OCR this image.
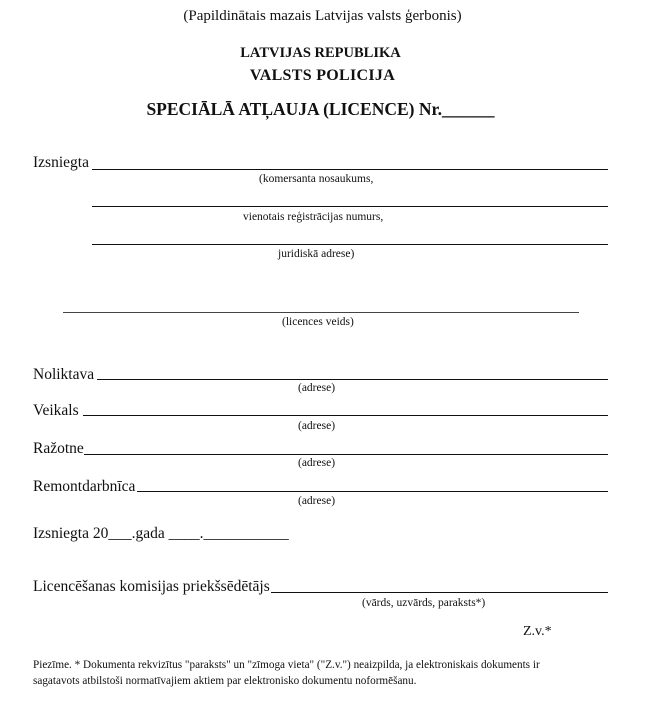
(Papildinātais mazais Latvijas valsts ģerbonis)
LATVIJAS REPUBLIKA
VALSTS POLICIJA
SPECIĀLĀ ATĻAUJA (LICENCE) Nr.______
Izsniegta
(komersanta nosaukums,
vienotais reģistrācijas numurs,
juridiskā adrese)
(licences veids)
Noliktava
(adrese)
Veikals
(adrese)
Ražotne
(adrese)
Remontdarbnīca
(adrese)
Izsniegta 20___.gada ____.___________
Licencēšanas komisijas priekšsēdētājs
(vārds, uzvārds, paraksts*)
Z.v.*
Piezīme. * Dokumenta rekvizītus "paraksts" un "zīmoga vieta" ("Z.v.") neaizpilda, ja elektroniskais dokuments ir
sagatavots atbilstoši normatīvajiem aktiem par elektronisko dokumentu noformēšanu.
